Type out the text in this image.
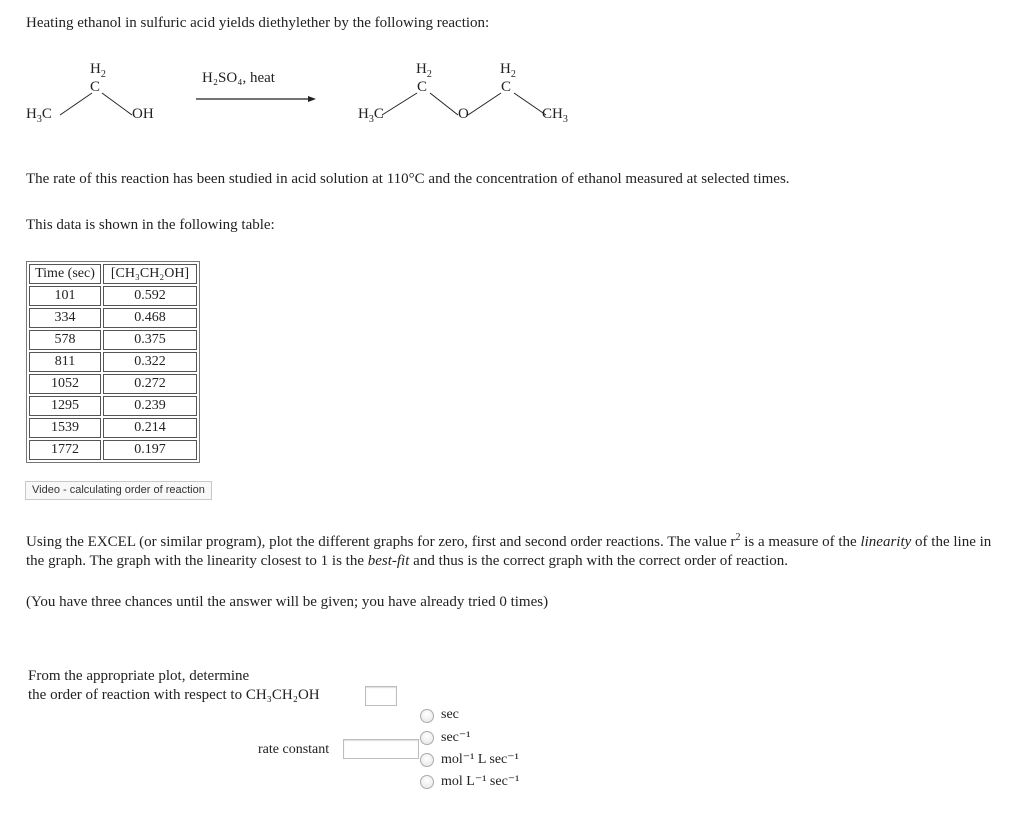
Heating ethanol in sulfuric acid yields diethylether by the following reaction:

$H_2$
C
$H_3C$	OH
H₂SO₄, heat
$H_3C$
$H_2$
C
O
$H_2$
C
$CH_3$

The rate of this reaction has been studied in acid solution at 110°C and the concentration of ethanol measured at selected times.

This data is shown in the following table:

Time (sec)	[CH₃CH₂OH]
101	0.592
334	0.468
578	0.375
811	0.322
1052	0.272
1295	0.239
1539	0.214
1772	0.197
Video - calculating order of reaction

Using the EXCEL (or similar program), plot the different graphs for zero, first and second order reactions. The value $r^2$ is a measure of the linearity of the line in the graph. The graph with the linearity closest to 1 is the best-fit and thus is the correct graph with the correct order of reaction.

(You have three chances until the answer will be given; you have already tried 0 times)

From the appropriate plot, determine

the order of reaction with respect to CH₃CH₂OH

rate constant
sec
sec⁻¹
mol⁻¹ L sec⁻¹
mol L⁻¹ sec⁻¹
